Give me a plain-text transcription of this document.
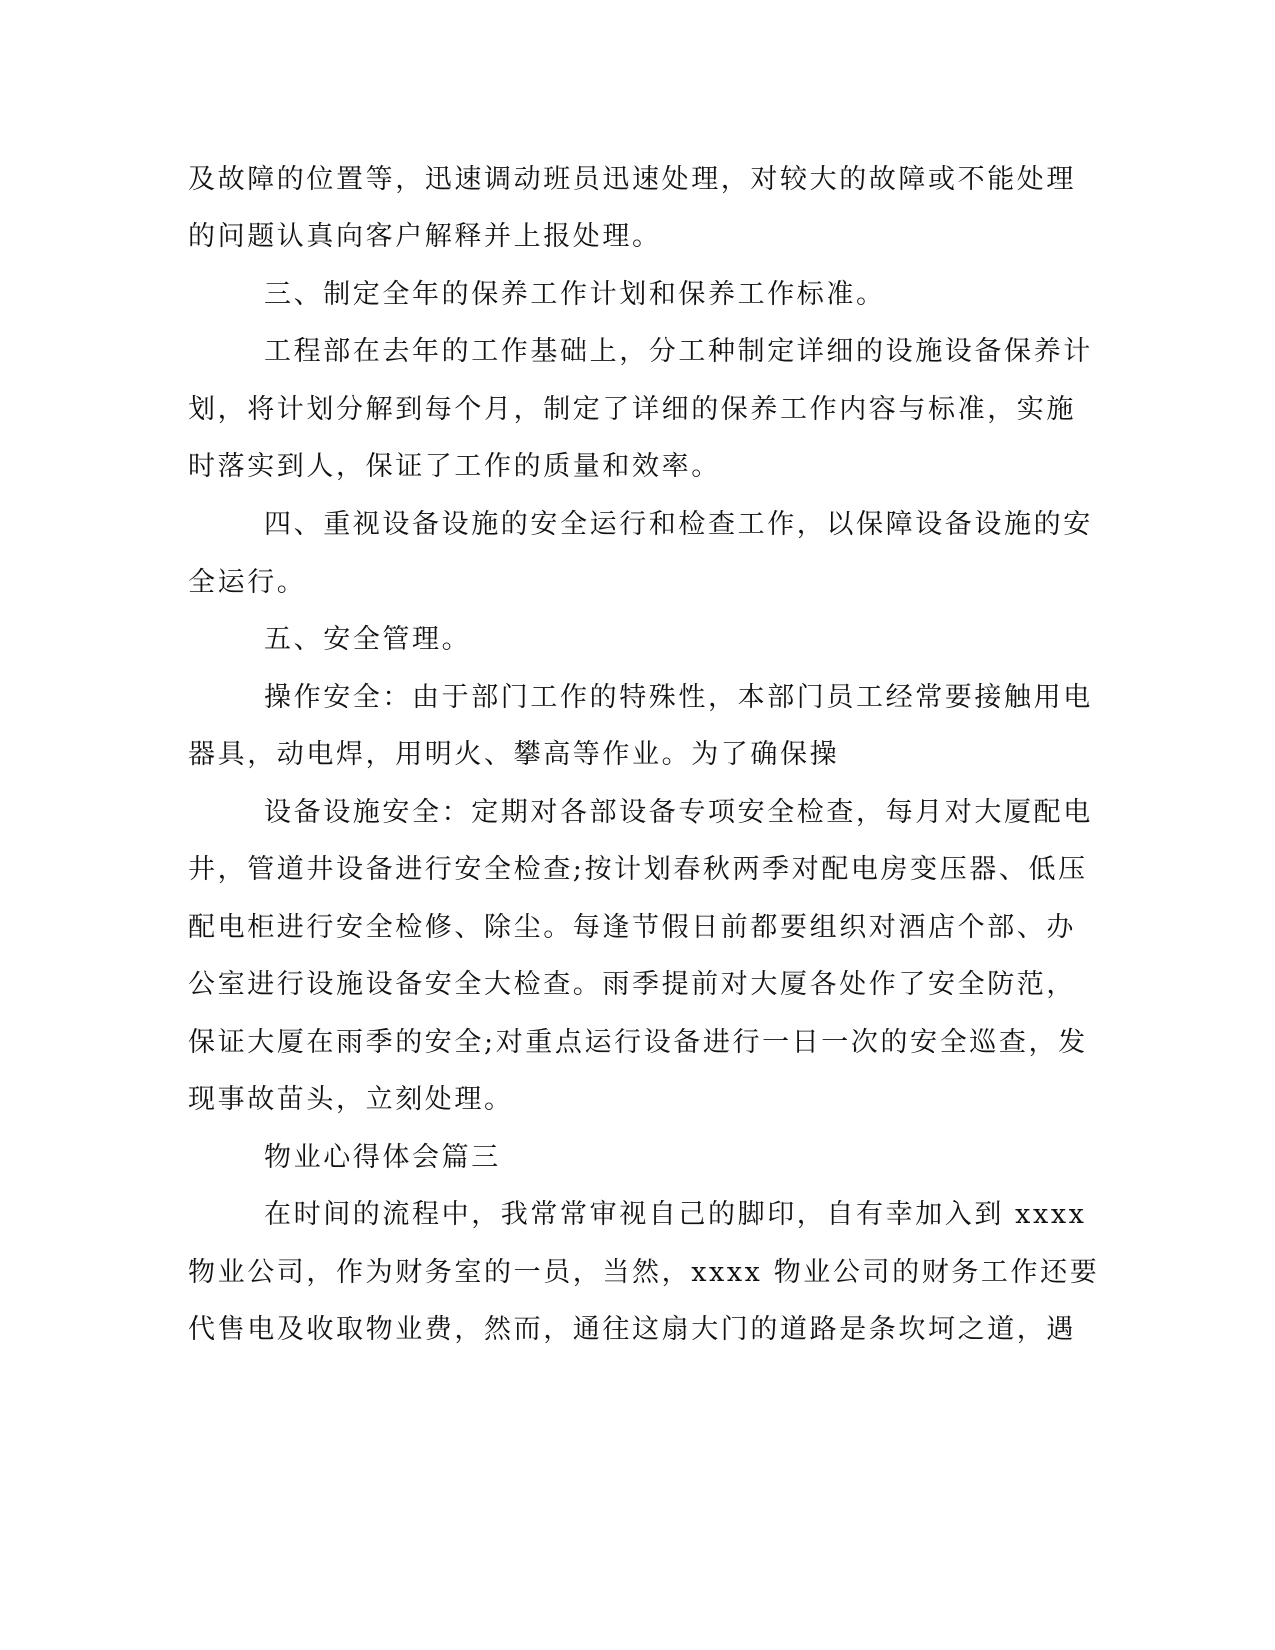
及故障的位置等，迅速调动班员迅速处理，对较大的故障或不能处理
的问题认真向客户解释并上报处理。
三、制定全年的保养工作计划和保养工作标准。
工程部在去年的工作基础上，分工种制定详细的设施设备保养计
划，将计划分解到每个月，制定了详细的保养工作内容与标准，实施
时落实到人，保证了工作的质量和效率。
四、重视设备设施的安全运行和检查工作，以保障设备设施的安
全运行。
五、安全管理。
操作安全：由于部门工作的特殊性，本部门员工经常要接触用电
器具，动电焊，用明火、攀高等作业。为了确保操
设备设施安全：定期对各部设备专项安全检查，每月对大厦配电
井，管道井设备进行安全检查;按计划春秋两季对配电房变压器、低压
配电柜进行安全检修、除尘。每逢节假日前都要组织对酒店个部、办
公室进行设施设备安全大检查。雨季提前对大厦各处作了安全防范，
保证大厦在雨季的安全;对重点运行设备进行一日一次的安全巡查，发
现事故苗头，立刻处理。
物业心得体会篇三
在时间的流程中，我常常审视自己的脚印，自有幸加入到 xxxx
物业公司，作为财务室的一员，当然，xxxx 物业公司的财务工作还要
代售电及收取物业费，然而，通往这扇大门的道路是条坎坷之道，遇
